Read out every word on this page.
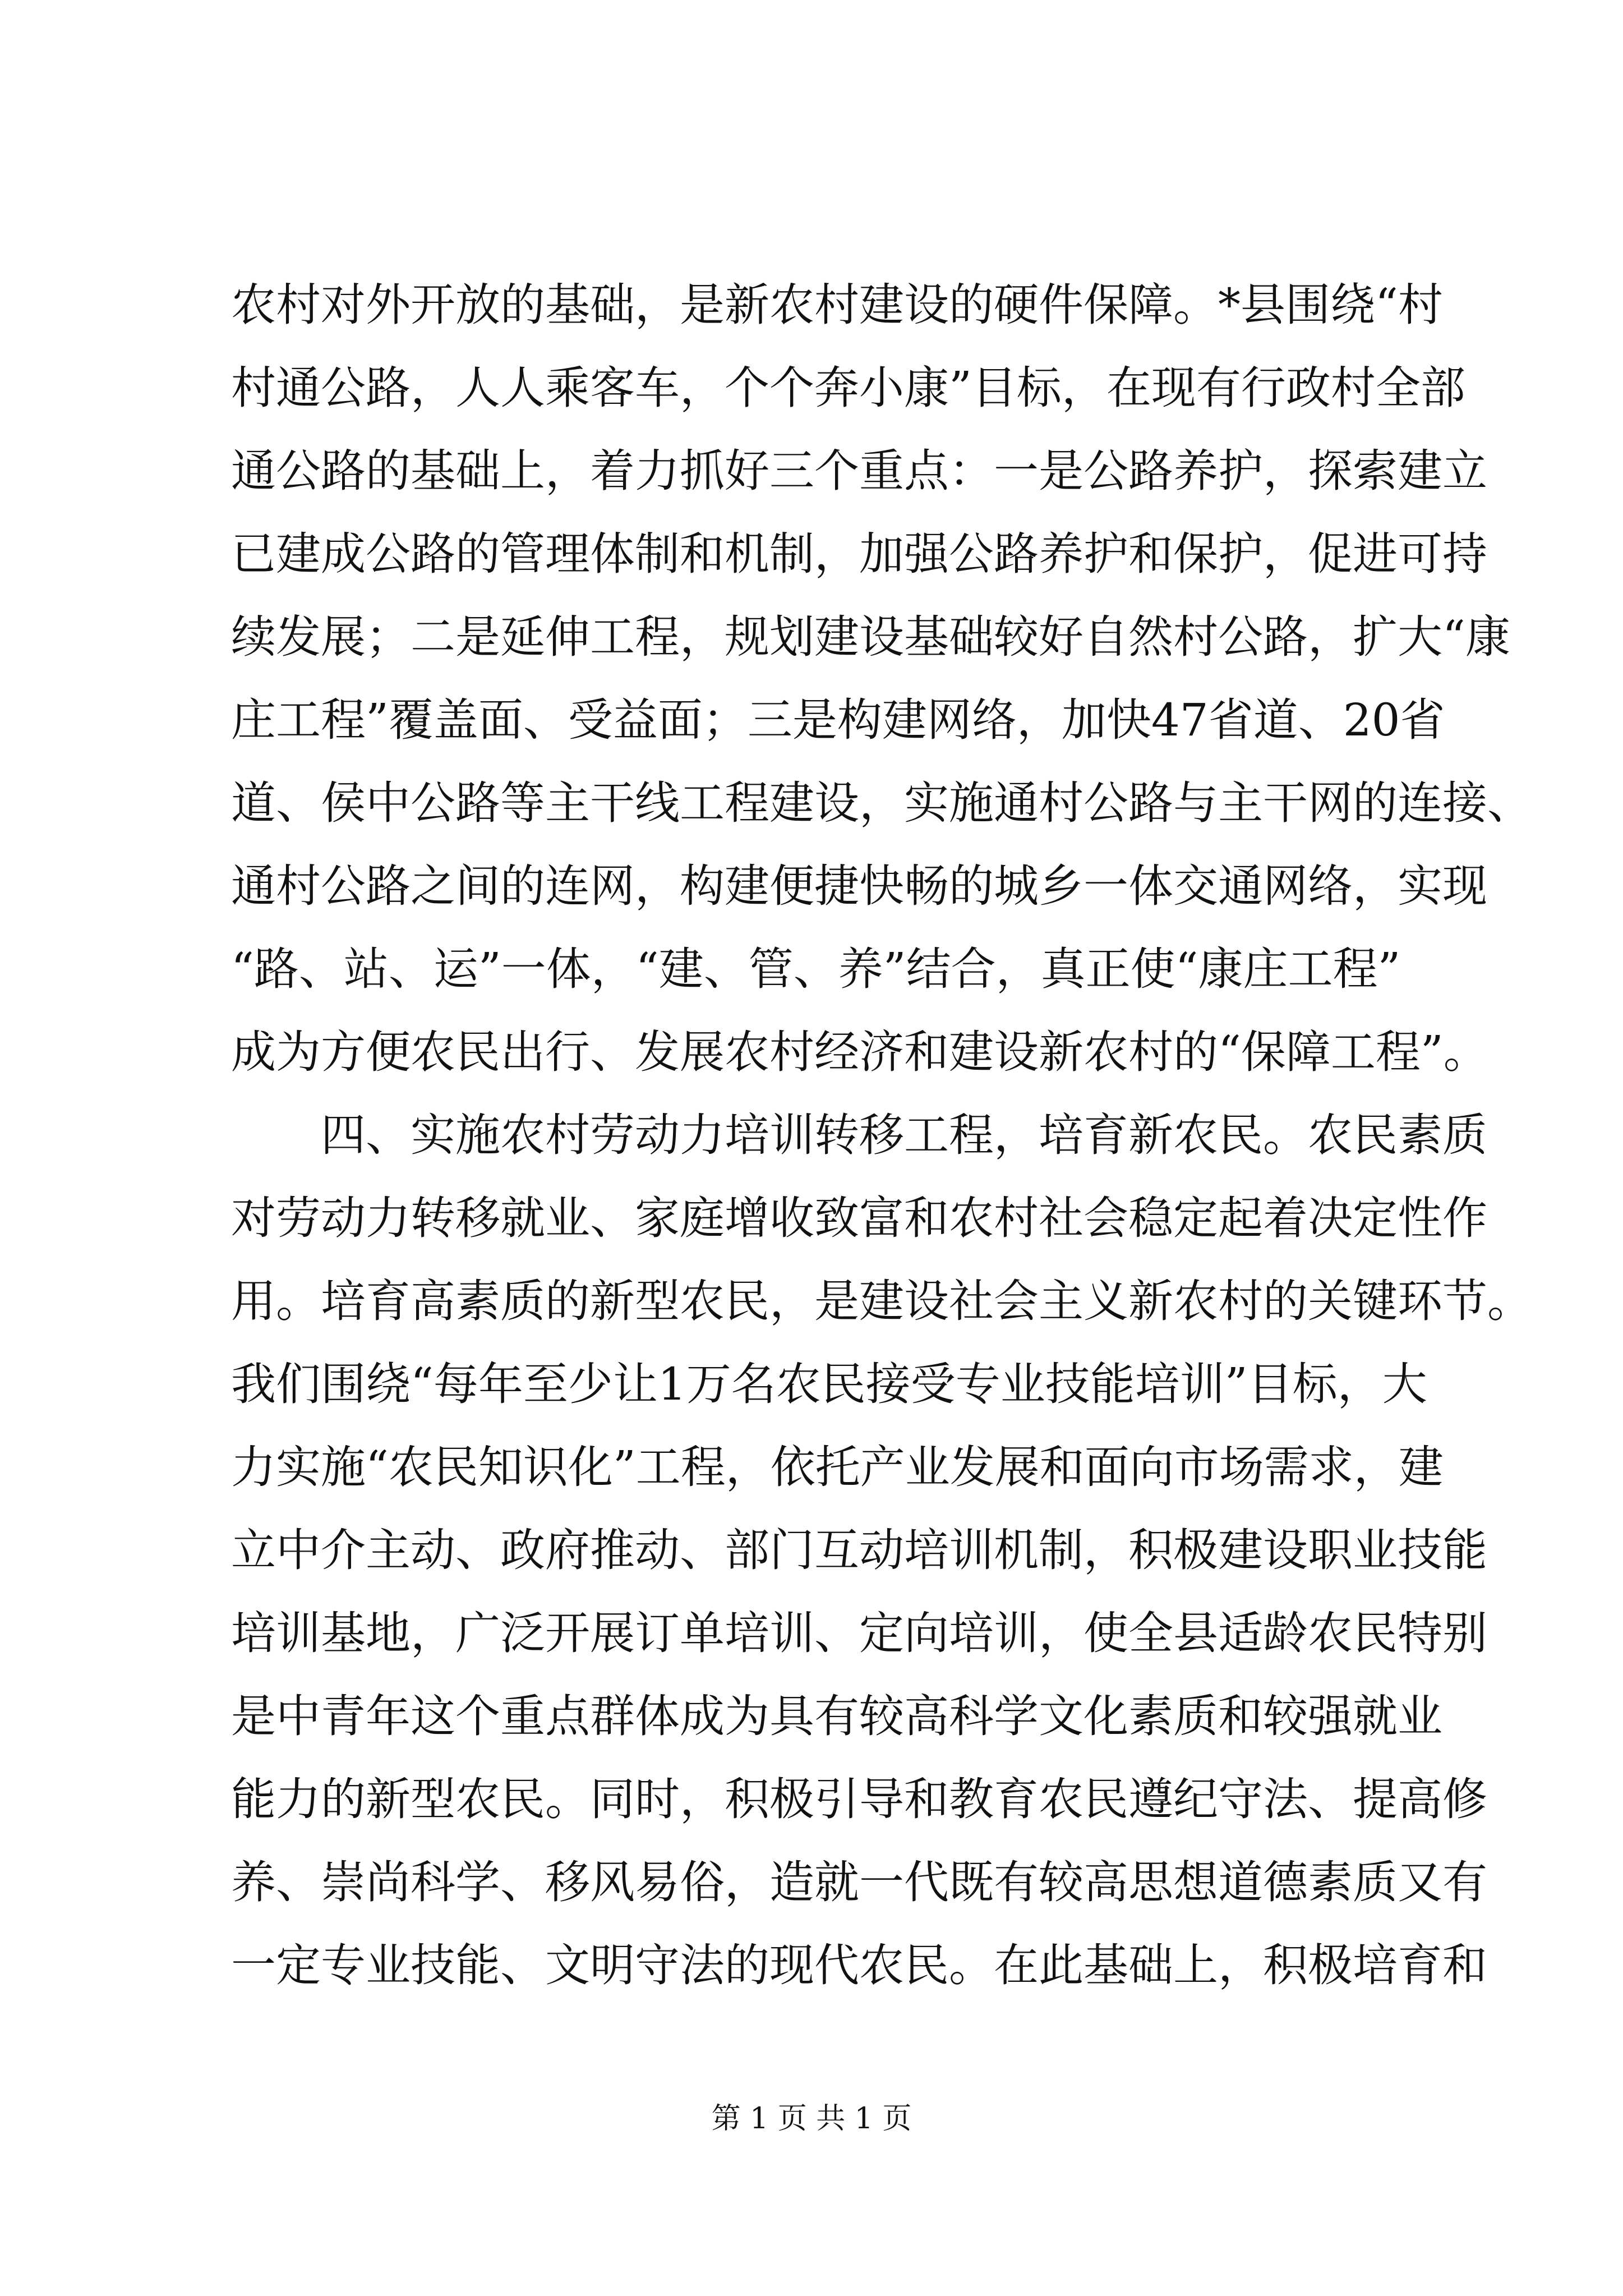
农村对外开放的基础，是新农村建设的硬件保障。*县围绕“村
村通公路，人人乘客车，个个奔小康”目标，在现有行政村全部
通公路的基础上，着力抓好三个重点：一是公路养护，探索建立
已建成公路的管理体制和机制，加强公路养护和保护，促进可持
续发展；二是延伸工程，规划建设基础较好自然村公路，扩大“康
庄工程”覆盖面、受益面；三是构建网络，加快47省道、20省
道、侯中公路等主干线工程建设，实施通村公路与主干网的连接、
通村公路之间的连网，构建便捷快畅的城乡一体交通网络，实现
“路、站、运”一体，“建、管、养”结合，真正使“康庄工程”
成为方便农民出行、发展农村经济和建设新农村的“保障工程”。
　　四、实施农村劳动力培训转移工程，培育新农民。农民素质
对劳动力转移就业、家庭增收致富和农村社会稳定起着决定性作
用。培育高素质的新型农民，是建设社会主义新农村的关键环节。
我们围绕“每年至少让1万名农民接受专业技能培训”目标，大
力实施“农民知识化”工程，依托产业发展和面向市场需求，建
立中介主动、政府推动、部门互动培训机制，积极建设职业技能
培训基地，广泛开展订单培训、定向培训，使全县适龄农民特别
是中青年这个重点群体成为具有较高科学文化素质和较强就业
能力的新型农民。同时，积极引导和教育农民遵纪守法、提高修
养、崇尚科学、移风易俗，造就一代既有较高思想道德素质又有
一定专业技能、文明守法的现代农民。在此基础上，积极培育和
第 1 页 共 1 页
